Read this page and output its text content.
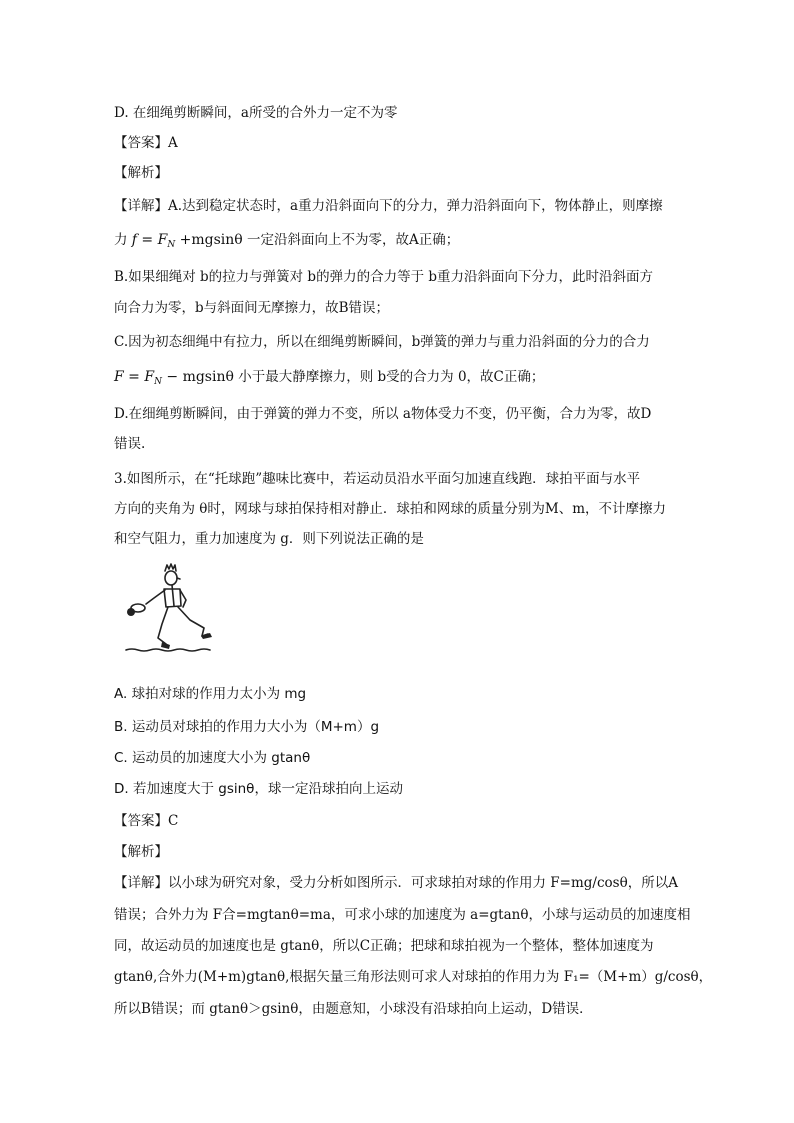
D. 在细绳剪断瞬间，a所受的合外力一定不为零
【答案】A
【解析】
【详解】A.达到稳定状态时，a重力沿斜面向下的分力，弹力沿斜面向下，物体静止，则摩擦
力 $f = F_N +mgsin\theta$ 一定沿斜面向上不为零，故A正确；
B.如果细绳对 b的拉力与弹簧对 b的弹力的合力等于 b重力沿斜面向下分力，此时沿斜面方
向合力为零，b与斜面间无摩擦力，故B错误；
C.因为初态细绳中有拉力，所以在细绳剪断瞬间，b弹簧的弹力与重力沿斜面的分力的合力
$F = F_N - mgsin\theta$ 小于最大静摩擦力，则 b受的合力为 0，故C正确；
D.在细绳剪断瞬间，由于弹簧的弹力不变，所以 a物体受力不变，仍平衡，合力为零，故D
错误.
3.如图所示，在“托球跑”趣味比赛中，若运动员沿水平面匀加速直线跑．球拍平面与水平
方向的夹角为 θ时，网球与球拍保持相对静止．球拍和网球的质量分别为M、m，不计摩擦力
和空气阻力，重力加速度为 g．则下列说法正确的是
A. 球拍对球的作用力太小为 mg
B. 运动员对球拍的作用力大小为（M+m）g
C. 运动员的加速度大小为 gtanθ
D. 若加速度大于 gsinθ，球一定沿球拍向上运动
【答案】C
【解析】
【详解】以小球为研究对象，受力分析如图所示．可求球拍对球的作用力 F=mg/cosθ，所以A
错误；合外力为 F合=mgtanθ=ma，可求小球的加速度为 a=gtanθ，小球与运动员的加速度相
同，故运动员的加速度也是 gtanθ，所以C正确；把球和球拍视为一个整体，整体加速度为
gtanθ,合外力(M+m)gtanθ,根据矢量三角形法则可求人对球拍的作用力为 F₁=（M+m）g/cosθ，
所以B错误；而 gtanθ＞gsinθ，由题意知，小球没有沿球拍向上运动，D错误．
